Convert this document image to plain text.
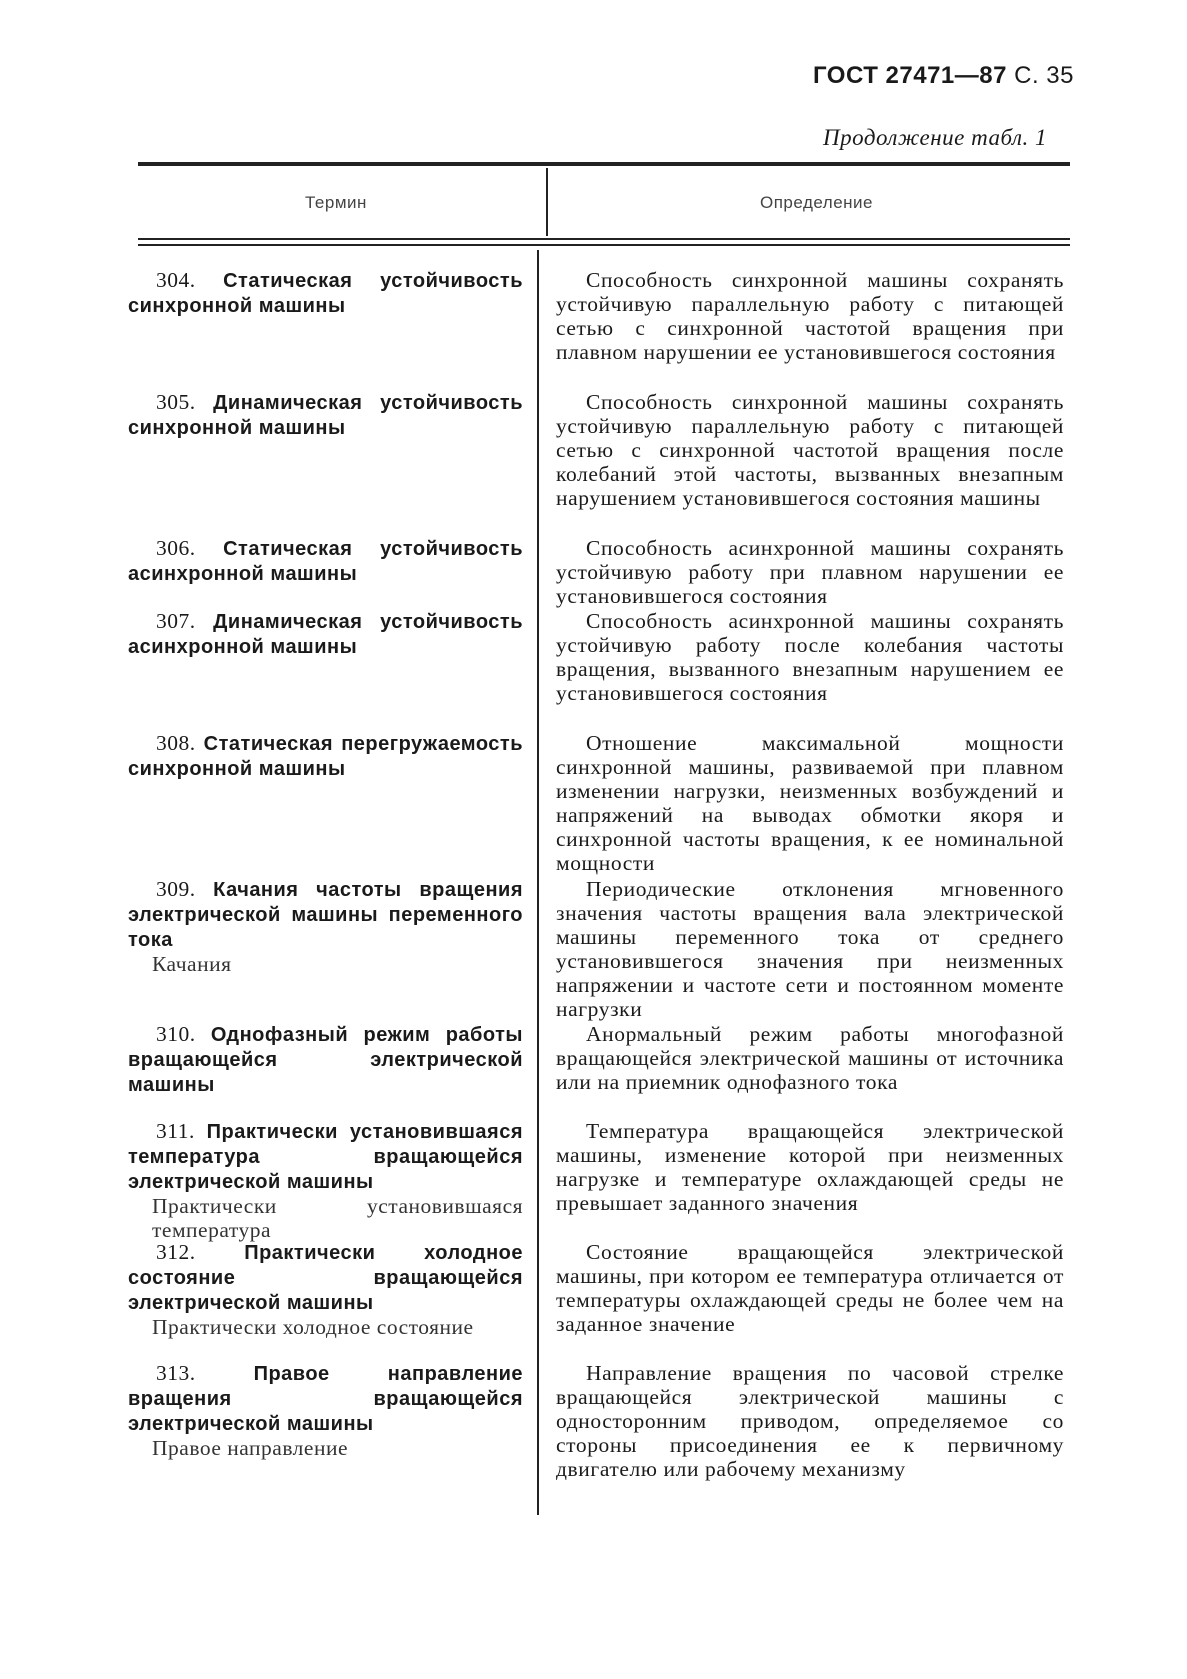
ГОСТ 27471—87 С. 35
Продолжение табл. 1
Термин	Определение
304. Статическая устойчивость синхронной машины
Способность синхронной машины сохранять устойчивую параллельную работу с питающей сетью с синхронной частотой вращения при плавном нарушении ее установившегося состояния
305. Динамическая устойчивость синхронной машины
Способность синхронной машины сохранять устойчивую параллельную работу с питающей сетью с синхронной частотой вращения после колебаний этой частоты, вызванных внезапным нарушением установившегося состояния машины
306. Статическая устойчивость асинхронной машины
Способность асинхронной машины сохранять устойчивую работу при плавном нарушении ее установившегося состояния
307. Динамическая устойчивость асинхронной машины
Способность асинхронной машины сохранять устойчивую работу после колебания частоты вращения, вызванного внезапным нарушением ее установившегося состояния
308. Статическая перегружаемость синхронной машины
Отношение максимальной мощности синхронной машины, развиваемой при плавном изменении нагрузки, неизменных возбуждений и напряжений на выводах обмотки якоря и синхронной частоты вращения, к ее номинальной мощности
309. Качания частоты вращения электрической машины переменного тока
Качания
Периодические отклонения мгновенного значения частоты вращения вала электрической машины переменного тока от среднего установившегося значения при неизменных напряжении и частоте сети и постоянном моменте нагрузки
310. Однофазный режим работы вращающейся электрической машины
Анормальный режим работы многофазной вращающейся электрической машины от источника или на приемник однофазного тока
311. Практически установившаяся температура вращающейся электрической машины
Практически установившаяся температура
Температура вращающейся электрической машины, изменение которой при неизменных нагрузке и температуре охлаждающей среды не превышает заданного значения
312. Практически холодное состояние вращающейся электрической машины
Практически холодное состояние
Состояние вращающейся электрической машины, при котором ее температура отличается от температуры охлаждающей среды не более чем на заданное значение
313.	Правое направление вращения вращающейся электрической машины
Правое направление
Направление вращения по часовой стрелке вращающейся электрической машины с односторонним приводом, определяемое со стороны присоединения ее к первичному двигателю или рабочему механизму
